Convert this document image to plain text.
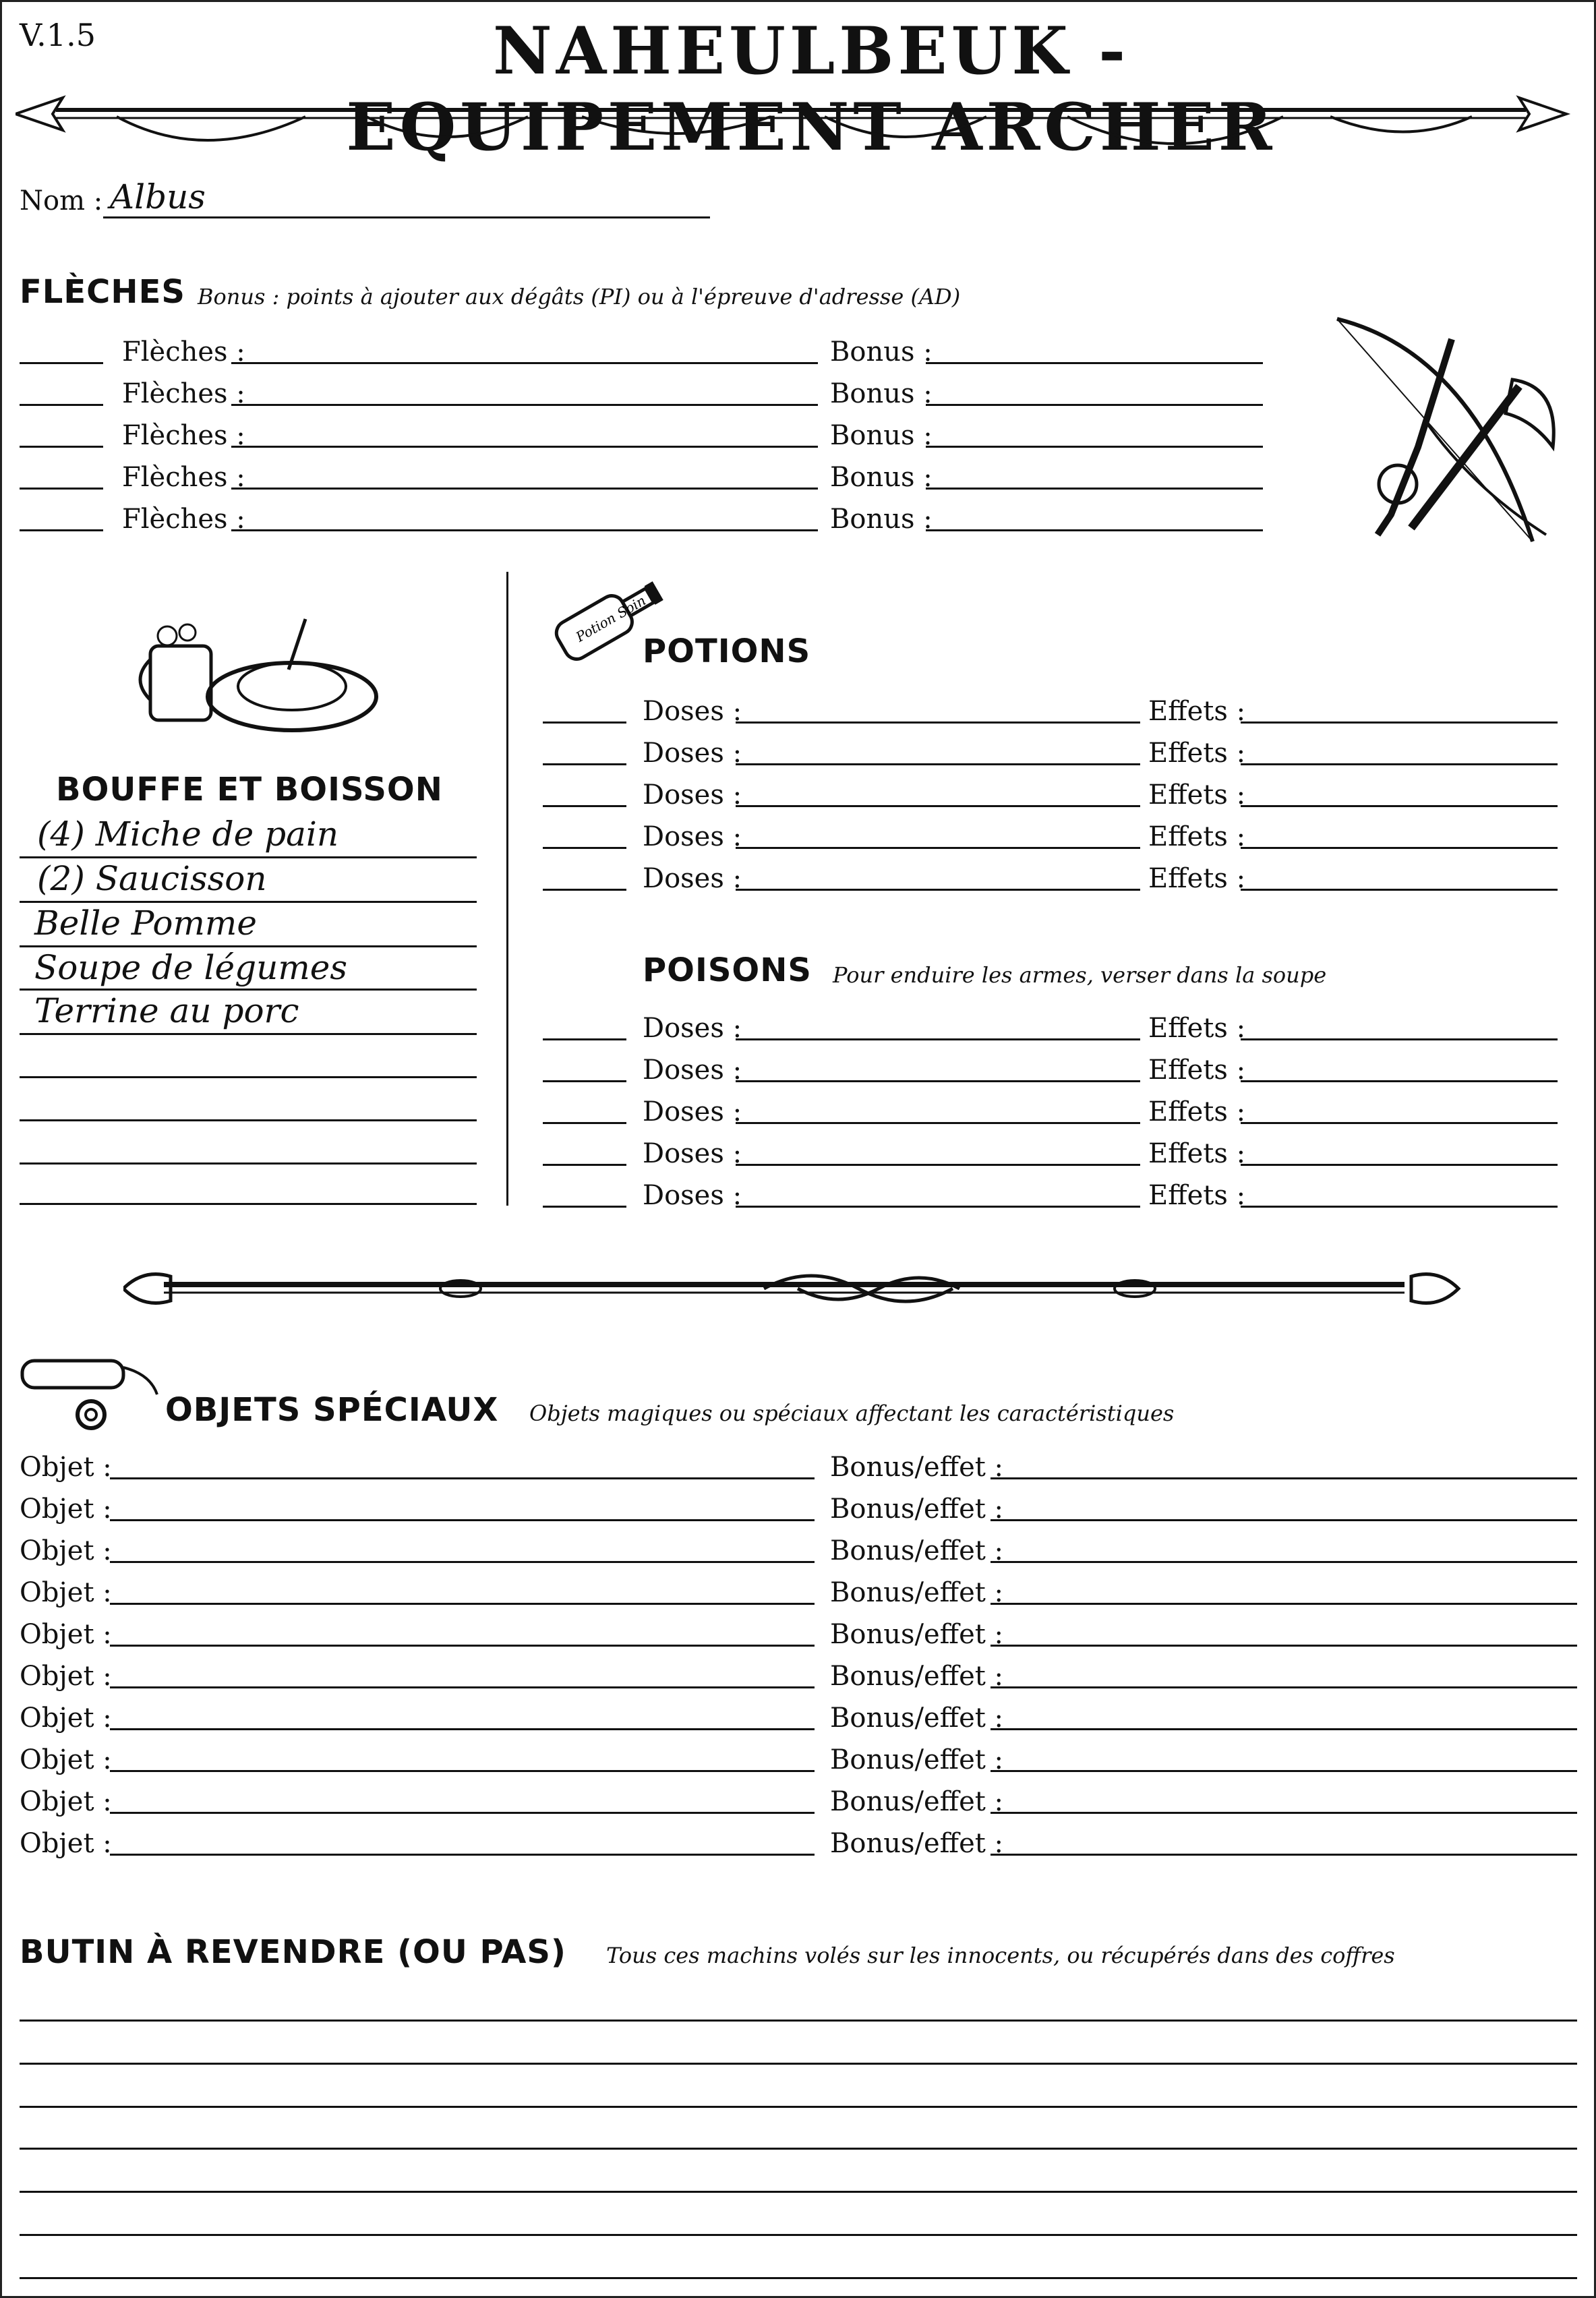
V.1.5	NAHEULBEUK - EQUIPEMENT ARCHER
Nom : Albus
FLÈCHES Bonus : points à ajouter aux dégâts (PI) ou à l'épreuve d'adresse (AD)
Flèches :	Bonus :
Flèches :	Bonus :
Flèches :	Bonus :
Flèches :	Bonus :
Flèches :	Bonus :
BOUFFE ET BOISSON
(4) Miche de pain
(2) Saucisson
Belle Pomme
Soupe de légumes
Terrine au porc
Potion Soin
POTIONS
Doses :	Effets :
Doses :	Effets :
Doses :	Effets :
Doses :	Effets :
Doses :	Effets :
POISONS Pour enduire les armes, verser dans la soupe
Doses :	Effets :
Doses :	Effets :
Doses :	Effets :
Doses :	Effets :
Doses :	Effets :
OBJETS SPÉCIAUX Objets magiques ou spéciaux affectant les caractéristiques
Objet :	Bonus/effet :
Objet :	Bonus/effet :
Objet :	Bonus/effet :
Objet :	Bonus/effet :
Objet :	Bonus/effet :
Objet :	Bonus/effet :
Objet :	Bonus/effet :
Objet :	Bonus/effet :
Objet :	Bonus/effet :
Objet :	Bonus/effet :
BUTIN À REVENDRE (OU PAS) Tous ces machins volés sur les innocents, ou récupérés dans des coffres
